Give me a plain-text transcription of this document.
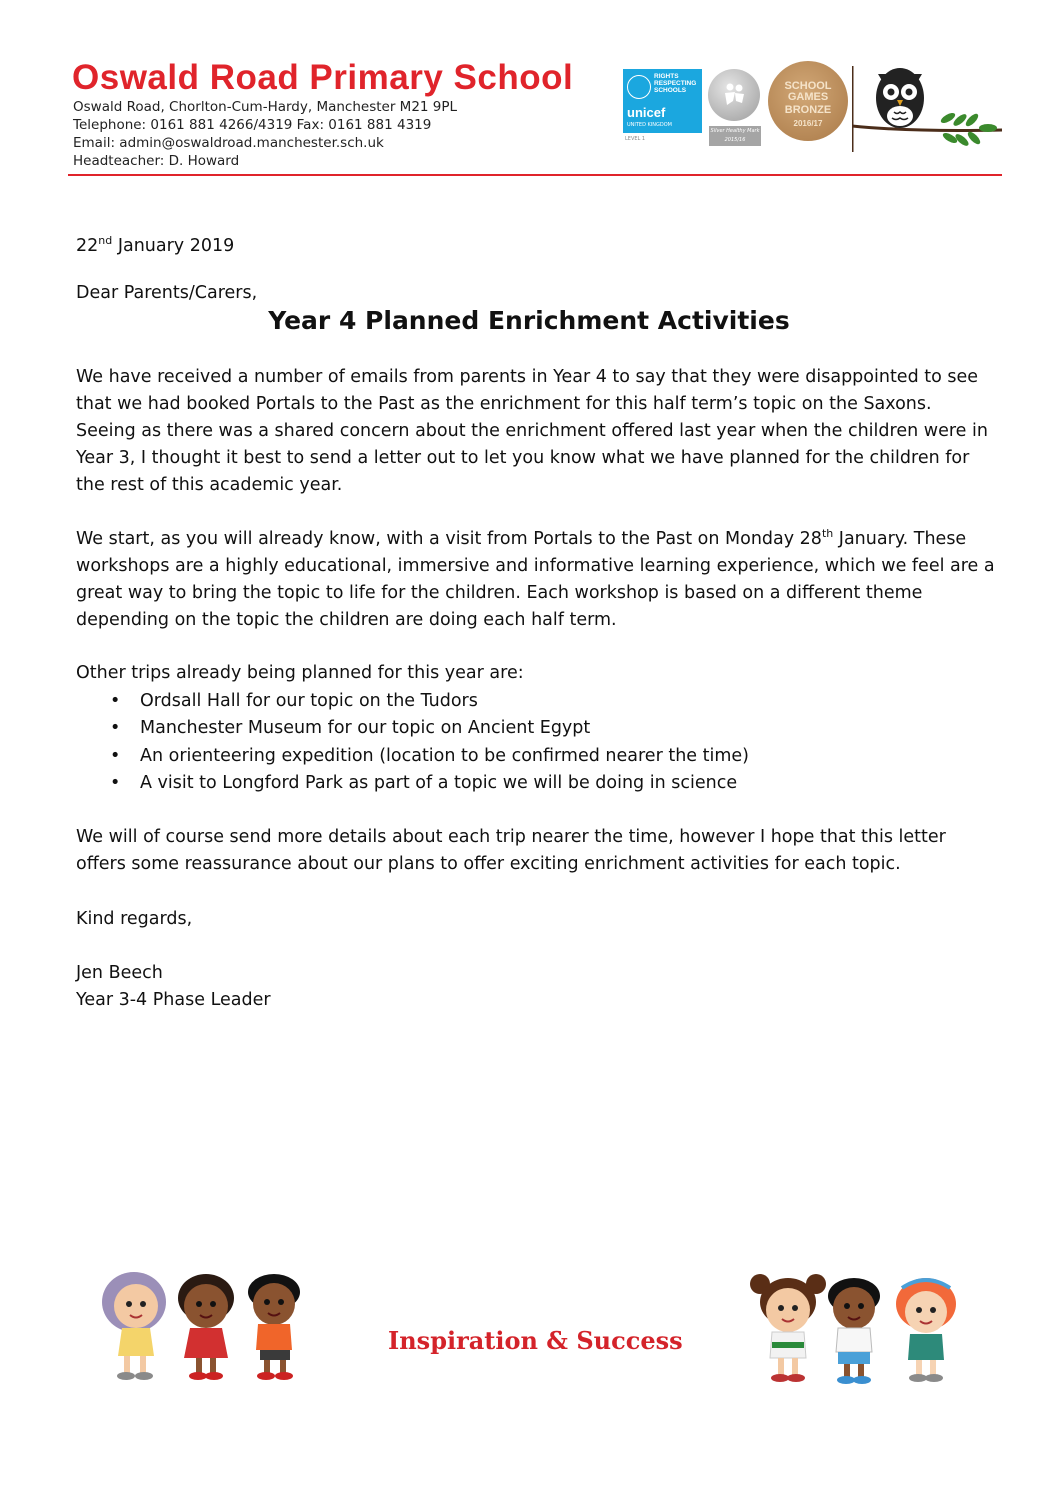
Oswald Road Primary School
Oswald Road, Chorlton-Cum-Hardy, Manchester M21 9PL
Telephone: 0161 881 4266/4319 Fax: 0161 881 4319
Email: admin@oswaldroad.manchester.sch.uk
Headteacher: D. Howard
RIGHTS RESPECTING SCHOOLS
unicef
UNITED KINGDOM
LEVEL 1
Silver Healthy Mark 2015/16
SCHOOL GAMES
BRONZE
2016/17
22nd January 2019
Dear Parents/Carers,
Year 4 Planned Enrichment Activities
We have received a number of emails from parents in Year 4 to say that they were disappointed to see that we had booked Portals to the Past as the enrichment for this half term’s topic on the Saxons. Seeing as there was a shared concern about the enrichment offered last year when the children were in Year 3, I thought it best to send a letter out to let you know what we have planned for the children for the rest of this academic year.
We start, as you will already know, with a visit from Portals to the Past on Monday 28th January. These workshops are a highly educational, immersive and informative learning experience, which we feel are a great way to bring the topic to life for the children. Each workshop is based on a different theme depending on the topic the children are doing each half term.
Other trips already being planned for this year are:
• Ordsall Hall for our topic on the Tudors
• Manchester Museum for our topic on Ancient Egypt
• An orienteering expedition (location to be confirmed nearer the time)
• A visit to Longford Park as part of a topic we will be doing in science
We will of course send more details about each trip nearer the time, however I hope that this letter offers some reassurance about our plans to offer exciting enrichment activities for each topic.
Kind regards,
Jen Beech
Year 3-4 Phase Leader
Inspiration & Success
